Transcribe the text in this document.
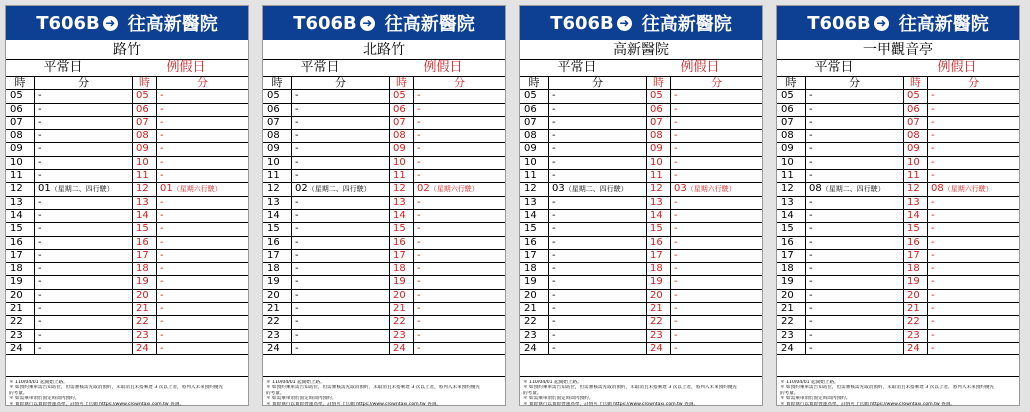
T606B ➜ 往高新醫院
路竹
平常日	例假日
時	分	時	分
05	-	05	-
06	-	06	-
07	-	07	-
08	-	08	-
09	-	09	-
10	-	10	-
11	-	11	-
12	01（星期二、四行駛）	12	01（星期六行駛）
13	-	13	-
14	-	14	-
15	-	15	-
16	-	16	-
17	-	17	-
18	-	18	-
19	-	19	-
20	-	20	-
21	-	21	-
22	-	22	-
23	-	23	-
24	-	24	-
＊ 110/04/01 起開始上路。
＊ 如預約乘車需告知站位，但需審核需先取消預約，未取消且未搭乘達 3 次以上者，將列入未來預約優先
的考量。
＊ 如需乘車須於固定時間內預約。
＊ 實際執行以實際營運為準，詳情可上官網 https://www.crowntaxi.com.tw 查詢。
T606B ➜ 往高新醫院
北路竹
平常日	例假日
時	分	時	分
05	-	05	-
06	-	06	-
07	-	07	-
08	-	08	-
09	-	09	-
10	-	10	-
11	-	11	-
12	02（星期二、四行駛）	12	02（星期六行駛）
13	-	13	-
14	-	14	-
15	-	15	-
16	-	16	-
17	-	17	-
18	-	18	-
19	-	19	-
20	-	20	-
21	-	21	-
22	-	22	-
23	-	23	-
24	-	24	-
＊ 110/04/01 起開始上路。
＊ 如預約乘車需告知站位，但需審核需先取消預約，未取消且未搭乘達 3 次以上者，將列入未來預約優先
的考量。
＊ 如需乘車須於固定時間內預約。
＊ 實際執行以實際營運為準，詳情可上官網 https://www.crowntaxi.com.tw 查詢。
T606B ➜ 往高新醫院
高新醫院
平常日	例假日
時	分	時	分
05	-	05	-
06	-	06	-
07	-	07	-
08	-	08	-
09	-	09	-
10	-	10	-
11	-	11	-
12	03（星期二、四行駛）	12	03（星期六行駛）
13	-	13	-
14	-	14	-
15	-	15	-
16	-	16	-
17	-	17	-
18	-	18	-
19	-	19	-
20	-	20	-
21	-	21	-
22	-	22	-
23	-	23	-
24	-	24	-
＊ 110/04/01 起開始上路。
＊ 如預約乘車需告知站位，但需審核需先取消預約，未取消且未搭乘達 3 次以上者，將列入未來預約優先
的考量。
＊ 如需乘車須於固定時間內預約。
＊ 實際執行以實際營運為準，詳情可上官網 https://www.crowntaxi.com.tw 查詢。
T606B ➜ 往高新醫院
一甲觀音亭
平常日	例假日
時	分	時	分
05	-	05	-
06	-	06	-
07	-	07	-
08	-	08	-
09	-	09	-
10	-	10	-
11	-	11	-
12	08（星期二、四行駛）	12	08（星期六行駛）
13	-	13	-
14	-	14	-
15	-	15	-
16	-	16	-
17	-	17	-
18	-	18	-
19	-	19	-
20	-	20	-
21	-	21	-
22	-	22	-
23	-	23	-
24	-	24	-
＊ 110/04/01 起開始上路。
＊ 如預約乘車需告知站位，但需審核需先取消預約，未取消且未搭乘達 3 次以上者，將列入未來預約優先
的考量。
＊ 如需乘車須於固定時間內預約。
＊ 實際執行以實際營運為準，詳情可上官網 https://www.crowntaxi.com.tw 查詢。
